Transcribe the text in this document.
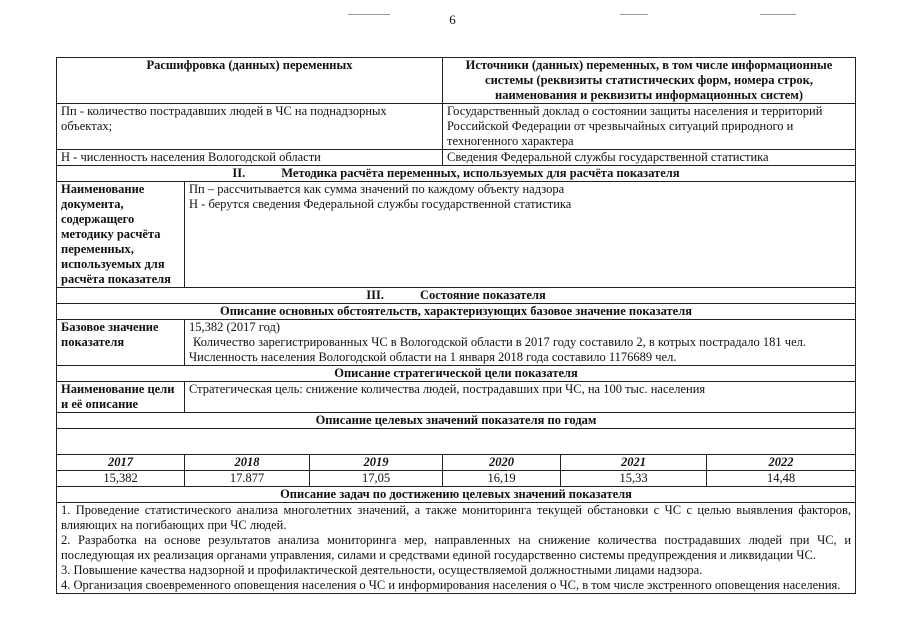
6
Расшифровка (данных) переменных			Источники (данных) переменных, в том числе информационные системы (реквизиты статистических форм, номера строк, наименования и реквизиты информационных систем)		
Пп - количество пострадавших людей в ЧС на поднадзорных объектах;			Государственный доклад о состоянии защиты населения и территорий Российской Федерации от чрезвычайных ситуаций природного и техногенного характера		
Н - численность населения Вологодской области			Сведения Федеральной службы государственной статистика		
II. Методика расчёта переменных, используемых для расчёта показателя					
Наименование документа, содержащего методику расчёта переменных, используемых для расчёта показателя	Пп – рассчитывается как сумма значений по каждому объекту надзора
Н - берутся сведения Федеральной службы государственной статистика				

III. Состояние показателя					
Описание основных обстоятельств, характеризующих базовое значение показателя					
Базовое значение показателя	15,382 (2017 год)
Количество зарегистрированных ЧС в Вологодской области в 2017 году составило 2, в котрых пострадало 181 чел.
Численность населения Вологодской области на 1 января 2018 года составило 1176689 чел.				

Описание стратегической цели показателя					
Наименование цели и её описание	Стратегическая цель: снижение количества людей, пострадавших при ЧС, на 100 тыс. населения				
Описание целевых значений показателя по годам					

2017	2018	2019	2020	2021	2022
15,382	17.877	17,05	16,19	15,33	14,48
Описание задач по достижению целевых значений показателя					

1. Проведение статистического анализа многолетних значений, а также мониторинга текущей обстановки с ЧС с целью выявления факторов, влияющих на погибающих при ЧС людей.
2. Разработка на основе результатов анализа мониторинга мер, направленных на снижение количества пострадавших людей при ЧС, и последующая их реализация органами управления, силами и средствами единой государственно системы предупреждения и ликвидации ЧС.
3. Повышение качества надзорной и профилактической деятельности, осуществляемой должностными лицами надзора.
4. Организация своевременного оповещения населения о ЧС и информирования населения о ЧС, в том числе экстренного оповещения населения.					
